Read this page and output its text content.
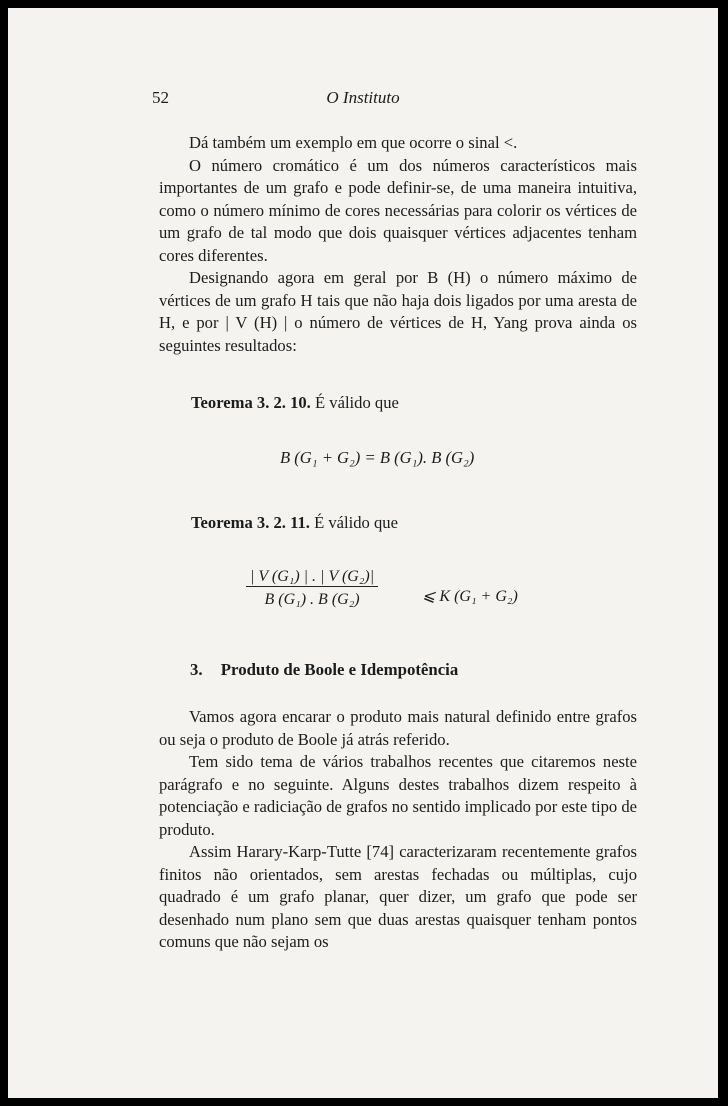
52	O Instituto

Dá também um exemplo em que ocorre o sinal <.

O número cromático é um dos números característicos mais importantes de um grafo e pode definir-se, de uma maneira intuitiva, como o número mínimo de cores necessárias para colorir os vértices de um grafo de tal modo que dois quaisquer vértices adjacentes tenham cores diferentes.

Designando agora em geral por B (H) o número máximo de vértices de um grafo H tais que não haja dois ligados por uma aresta de H, e por | V (H) | o número de vértices de H, Yang prova ainda os seguintes resultados:

Teorema 3. 2. 10. É válido que
B (G₁ + G₂) = B (G₁). B (G₂)
Teorema 3. 2. 11. É válido que
$\frac{\text{| V (G₁) | . | V (G₂)|}}{\text{B (G₁) . B (G₂)}}$	⩽ K (G₁ + G₂)
3. Produto de Boole e Idempotência

Vamos agora encarar o produto mais natural definido entre grafos ou seja o produto de Boole já atrás referido.

Tem sido tema de vários trabalhos recentes que citaremos neste parágrafo e no seguinte. Alguns destes trabalhos dizem respeito à potenciação e radiciação de grafos no sentido implicado por este tipo de produto.

Assim Harary-Karp-Tutte [74] caracterizaram recentemente grafos finitos não orientados, sem arestas fechadas ou múltiplas, cujo quadrado é um grafo planar, quer dizer, um grafo que pode ser desenhado num plano sem que duas arestas quaisquer tenham pontos comuns que não sejam os
